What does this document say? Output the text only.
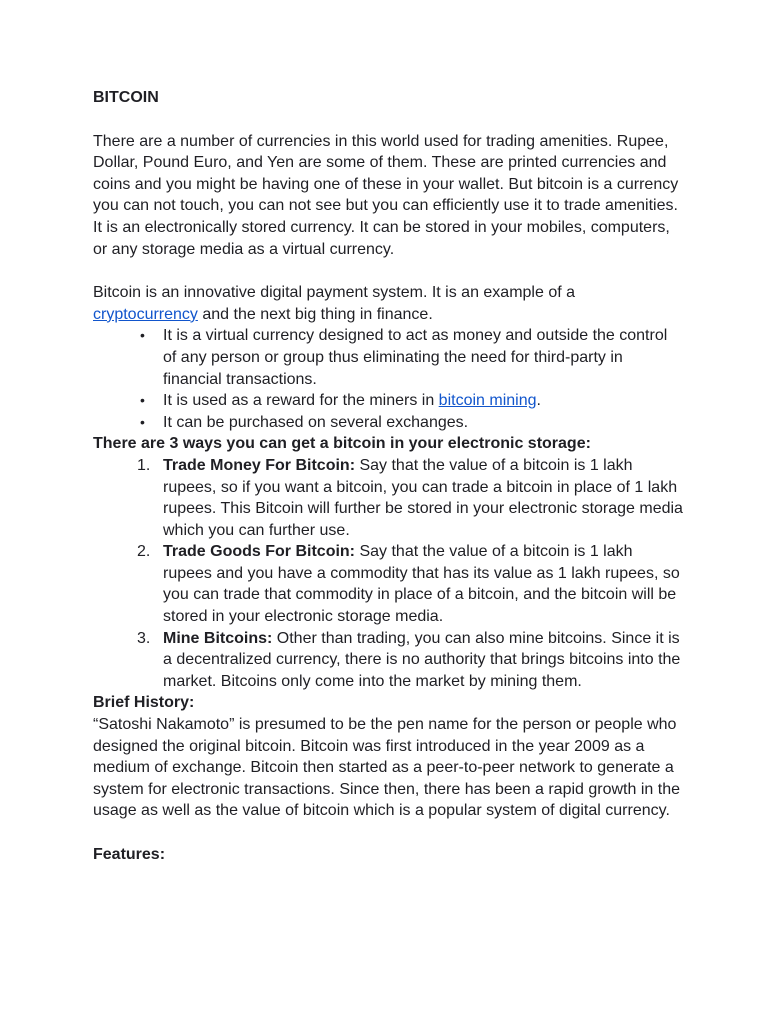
BITCOIN

There are a number of currencies in this world used for trading amenities. Rupee, Dollar, Pound Euro, and Yen are some of them. These are printed currencies and coins and you might be having one of these in your wallet. But bitcoin is a currency you can not touch, you can not see but you can efficiently use it to trade amenities. It is an electronically stored currency. It can be stored in your mobiles, computers, or any storage media as a virtual currency.

Bitcoin is an innovative digital payment system. It is an example of a cryptocurrency and the next big thing in finance.

• It is a virtual currency designed to act as money and outside the control of any person or group thus eliminating the need for third-party in financial transactions.
• It is used as a reward for the miners in bitcoin mining.
• It can be purchased on several exchanges.

There are 3 ways you can get a bitcoin in your electronic storage:

1. Trade Money For Bitcoin: Say that the value of a bitcoin is 1 lakh rupees, so if you want a bitcoin, you can trade a bitcoin in place of 1 lakh rupees. This Bitcoin will further be stored in your electronic storage media which you can further use.
2. Trade Goods For Bitcoin: Say that the value of a bitcoin is 1 lakh rupees and you have a commodity that has its value as 1 lakh rupees, so you can trade that commodity in place of a bitcoin, and the bitcoin will be stored in your electronic storage media.
3. Mine Bitcoins: Other than trading, you can also mine bitcoins. Since it is a decentralized currency, there is no authority that brings bitcoins into the market. Bitcoins only come into the market by mining them.

Brief History:

“Satoshi Nakamoto” is presumed to be the pen name for the person or people who designed the original bitcoin. Bitcoin was first introduced in the year 2009 as a medium of exchange. Bitcoin then started as a peer-to-peer network to generate a system for electronic transactions. Since then, there has been a rapid growth in the usage as well as the value of bitcoin which is a popular system of digital currency.

Features:
